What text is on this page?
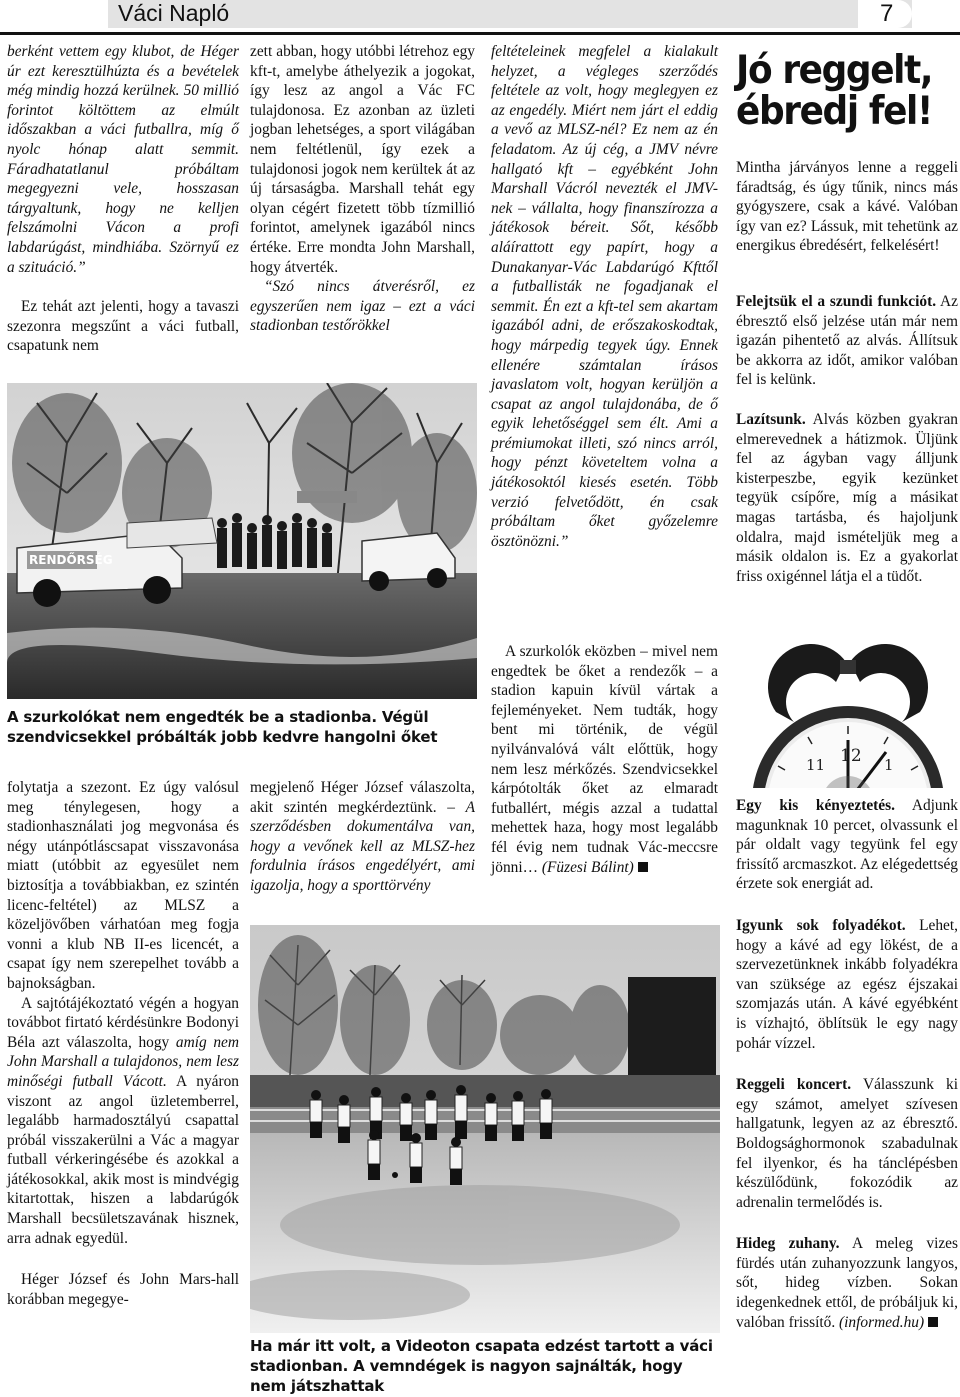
Váci Napló	7

berként vettem egy klubot, de Héger úr ezt keresztülhúzta és a bevételek még mindig hozzá kerülnek. 50 millió forintot költöttem az elmúlt időszakban a váci futballra, míg ő nyolc hónap alatt semmit. Fáradhatatlanul próbáltam megegyezni vele, hosszasan tárgyaltunk, hogy ne kelljen felszámolni Vácon a profi labdarúgást, mindhiába. Szörnyű ez a szituáció.”

Ez tehát azt jelenti, hogy a tavaszi szezonra megszűnt a váci futball, csapatunk nem

zett abban, hogy utóbbi létrehoz egy kft-t, amelybe áthelyezik a jogokat, így lesz az angol a Vác FC tulajdonosa. Ez azonban az üzleti jogban lehetséges, a sport világában nem feltétlenül, így ezek a tulajdonosi jogok nem kerültek át az új társaságba. Marshall tehát egy olyan cégért fizetett több tízmillió forintot, amelynek igazából nincs értéke. Erre mondta John Marshall, hogy átverték.

“Szó nincs átverésről, ez egyszerűen nem igaz – ezt a váci stadionban testőrökkel

feltételeinek megfelel a kialakult helyzet, a végleges szerződés feltétele az volt, hogy meglegyen ez az engedély. Miért nem járt el eddig a vevő az MLSZ-nél? Ez nem az én feladatom. Az új cég, a JMV névre hallgató kft – egyébként John Marshall Vácról nevezték el JMV-nek – vállalta, hogy finanszírozza a játékosok béreit. Sőt, később aláírattott egy papírt, hogy a Dunakanyar-Vác Labdarúgó Kfttől a futballisták ne fogadjanak el semmit. Én ezt a kft-tel sem akartam igazából adni, de erőszakoskodtak, hogy márpedig tegyek úgy. Ennek ellenére számtalan írásos javaslatom volt, hogyan kerüljön a csapat az angol tulajdonába, de ő egyik lehetőséggel sem élt. Ami a prémiumokat illeti, szó nincs arról, hogy pénzt követeltem volna a játékosoktól kiesés esetén. Több verzió felvetődött, én csak próbáltam őket győzelemre ösztönözni.”

RENDŐRSÉG
A szurkolókat nem engedték be a stadionba. Végül szendvicsekkel próbálták jobb kedvre hangolni őket

A szurkolók eközben – mivel nem engedtek be őket a rendezők – a stadion kapuin kívül vártak a fejleményeket. Nem tudták, hogy bent mi történik, de végül nyilvánvalóvá vált előttük, hogy nem lesz mérkőzés. Szendvicsekkel kárpótolták őket az elmaradt futballért, mégis azzal a tudattal mehettek haza, hogy most legalább fél évig nem tudnak Vác-meccsre jönni… (Füzesi Bálint)

folytatja a szezont. Ez úgy valósul meg ténylegesen, hogy a stadionhasználati jog megvonása és négy utánpótláscsapat visszavonása miatt (utóbbit az egyesület nem biztosítja a továbbiakban, ez szintén licenc-feltétel) az MLSZ a közeljövőben várhatóan meg fogja vonni a klub NB II-es licencét, a csapat így nem szerepelhet tovább a bajnokságban.

A sajtótájékoztató végén a hogyan továbbot firtató kérdésünkre Bodonyi Béla azt válaszolta, hogy amíg nem John Marshall a tulajdonos, nem lesz minőségi futball Vácott. A nyáron viszont az angol üzletemberrel, legalább harmadosztályú csapattal próbál visszakerülni a Vác a magyar futball vérkeringésébe és azokkal a játékosokkal, akik most is mindvégig kitartottak, hiszen a labdarúgók Marshall becsületszavának hisznek, arra adnak egyedül.

Héger József és John Mars-hall korábban megegye-

megjelenő Héger József válaszolta, akit szintén megkérdeztünk. – A szerződésben dokumentálva van, hogy a vevőnek kell az MLSZ-hez fordulnia írásos engedélyért, ami igazolja, hogy a sporttörvény

Ha már itt volt, a Videoton csapata edzést tartott a váci stadionban. A vemndégek is nagyon sajnálták, hogy nem játszhattak
Jó reggelt, ébredj fel!

Mintha járványos lenne a reggeli fáradtság, és úgy tűnik, nincs más gyógyszere, csak a kávé. Valóban így van ez? Lássuk, mit tehetünk az energikus ébredésért, felkelésért!

Felejtsük el a szundi funkciót. Az ébresztő első jelzése után már nem igazán pihentető az alvás. Állítsuk be akkorra az időt, amikor valóban fel is kelünk.

Lazítsunk. Alvás közben gyakran elmerevednek a hátizmok. Üljünk fel az ágyban vagy álljunk kisterpeszbe, egyik kezünket tegyük csípőre, míg a másikat magas tartásba, és hajoljunk oldalra, majd ismételjük meg a másik oldalon is. Ez a gyakorlat friss oxigénnel látja el a tüdőt.

12
11	1

Egy kis kényeztetés. Adjunk magunknak 10 percet, olvassunk el pár oldalt vagy tegyünk fel egy frissítő arcmaszkot. Az elégedettség érzete sok energiát ad.

Igyunk sok folyadékot. Lehet, hogy a kávé ad egy lökést, de a szervezetünknek inkább folyadékra van szüksége az egész éjszakai szomjazás után. A kávé egyébként is vízhajtó, öblítsük le egy nagy pohár vízzel.

Reggeli koncert. Válasszunk ki egy számot, amelyet szívesen hallgatunk, legyen az az ébresztő. Boldogsághormonok szabadulnak fel ilyenkor, és ha tánclépésben készülődünk, fokozódik az adrenalin termelődés is.

Hideg zuhany. A meleg vizes fürdés után zuhanyozzunk langyos, sőt, hideg vízben. Sokan idegenkednek ettől, de próbáljuk ki, valóban frissítő. (informed.hu)
